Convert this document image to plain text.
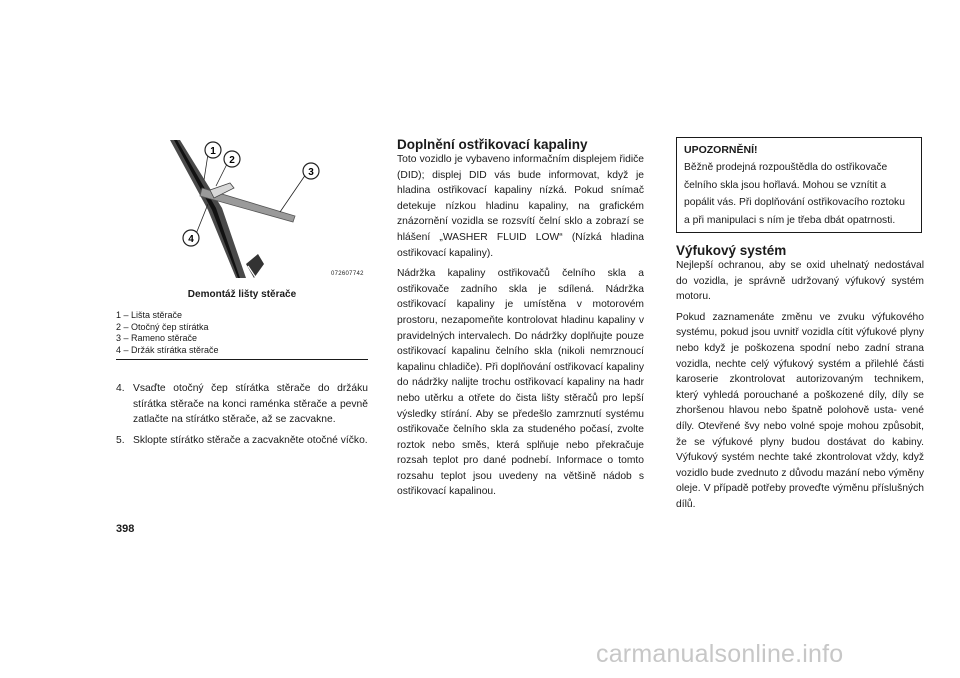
1
2
3
4
072607742
Demontáž lišty stěrače
1 – Lišta stěrače
2 – Otočný čep stírátka
3 – Rameno stěrače
4 – Držák stírátka stěrače
4. Vsaďte otočný čep stírátka stěrače do držáku stírátka stěrače na konci raménka stěrače a pevně zatlačte na stírátko stěrače, až se zacvakne.
5. Sklopte stírátko stěrače a zacvakněte otočné víčko.
398
Doplnění ostřikovací kapaliny

Toto vozidlo je vybaveno informačním displejem řidiče (DID); displej DID vás bude informovat, když je hladina ostřikovací kapaliny nízká. Pokud snímač detekuje nízkou hladinu kapaliny, na grafickém znázornění vozidla se rozsvítí čelní sklo a zobrazí se hlášení „WASHER FLUID LOW“ (Nízká hladina ostřikovací kapaliny).

Nádržka kapaliny ostřikovačů čelního skla a ostřikovače zadního skla je sdílená. Nádržka ostřikovací kapaliny je umístěna v motorovém prostoru, nezapomeňte kontrolovat hladinu kapaliny v pravidelných intervalech. Do nádržky doplňujte pouze ostřikovací kapalinu čelního skla (nikoli nemrznoucí kapalinu chladiče). Při doplňování ostřikovací kapaliny do nádržky nalijte trochu ostřikovací kapaliny na hadr nebo utěrku a otřete do čista lišty stěračů pro lepší výsledky stírání. Aby se předešlo zamrznutí systému ostřikovače čelního skla za studeného počasí, zvolte roztok nebo směs, která splňuje nebo překračuje rozsah teplot pro dané podnebí. Informace o tomto rozsahu teplot jsou uvedeny na většině nádob s ostřikovací kapalinou.

UPOZORNĚNÍ!
Běžně prodejná rozpouštědla do ostřikovače čelního skla jsou hořlavá. Mohou se vznítit a popálit vás. Při doplňování ostřikovacího roztoku a při manipulaci s ním je třeba dbát opatrnosti.
Výfukový systém

Nejlepší ochranou, aby se oxid uhelnatý nedostával do vozidla, je správně udržovaný výfukový systém motoru.

Pokud zaznamenáte změnu ve zvuku výfukového systému, pokud jsou uvnitř vozidla cítit výfukové plyny nebo když je poškozena spodní nebo zadní strana vozidla, nechte celý výfukový systém a přilehlé části karoserie zkontrolovat autorizovaným technikem, který vyhledá porouchané a poškozené díly, díly se zhoršenou hlavou nebo špatně polohově usta- vené díly. Otevřené švy nebo volné spoje mohou způsobit, že se výfukové plyny budou dostávat do kabiny. Výfukový systém nechte také zkontrolovat vždy, když vozidlo bude zvednuto z důvodu mazání nebo výměny oleje. V případě potřeby proveďte výměnu příslušných dílů.

carmanualsonline.info
